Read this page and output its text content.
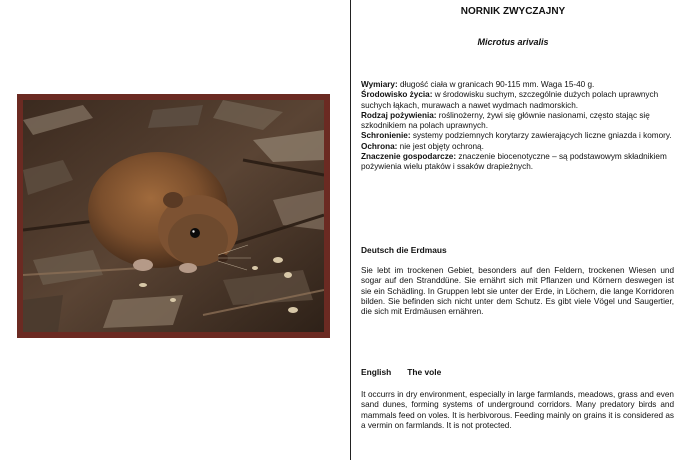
NORNIK ZWYCZAJNY
Microtus arivalis

Wymiary: długość ciała w granicach 90-115 mm. Waga 15-40 g.

Środowisko życia: w środowisku suchym, szczególnie dużych polach uprawnych suchych łąkach, murawach a nawet wydmach nadmorskich.

Rodzaj pożywienia: roślinożerny, żywi się głównie nasionami, często stając się szkodnikiem na polach uprawnych.

Schronienie: systemy podziemnych korytarzy zawierających liczne gniazda i komory.

Ochrona: nie jest objęty ochroną.

Znaczenie gospodarcze: znaczenie biocenotyczne – są podstawowym składnikiem pożywienia wielu ptaków i ssaków drapieżnych.

Deutsch die Erdmaus
Sie lebt im trockenen Gebiet, besonders auf den Feldern, trockenen Wiesen und sogar auf den Stranddüne. Sie ernährt sich mit Pflanzen und Körnern deswegen ist sie ein Schädling. In Gruppen lebt sie unter der Erde, in Löchern, die lange Korridoren bilden. Sie befinden sich nicht unter dem Schutz. Es gibt viele Vögel und Saugertier, die sich mit Erdmäusen ernähren.
English The vole
It occurrs in dry environment, especially in large farmlands, meadows, grass and even sand dunes, forming systems of underground corridors. Many predatory birds and mammals feed on voles. It is herbivorous. Feeding mainly on grains it is considered as a vermin on farmlands. It is not protected.
